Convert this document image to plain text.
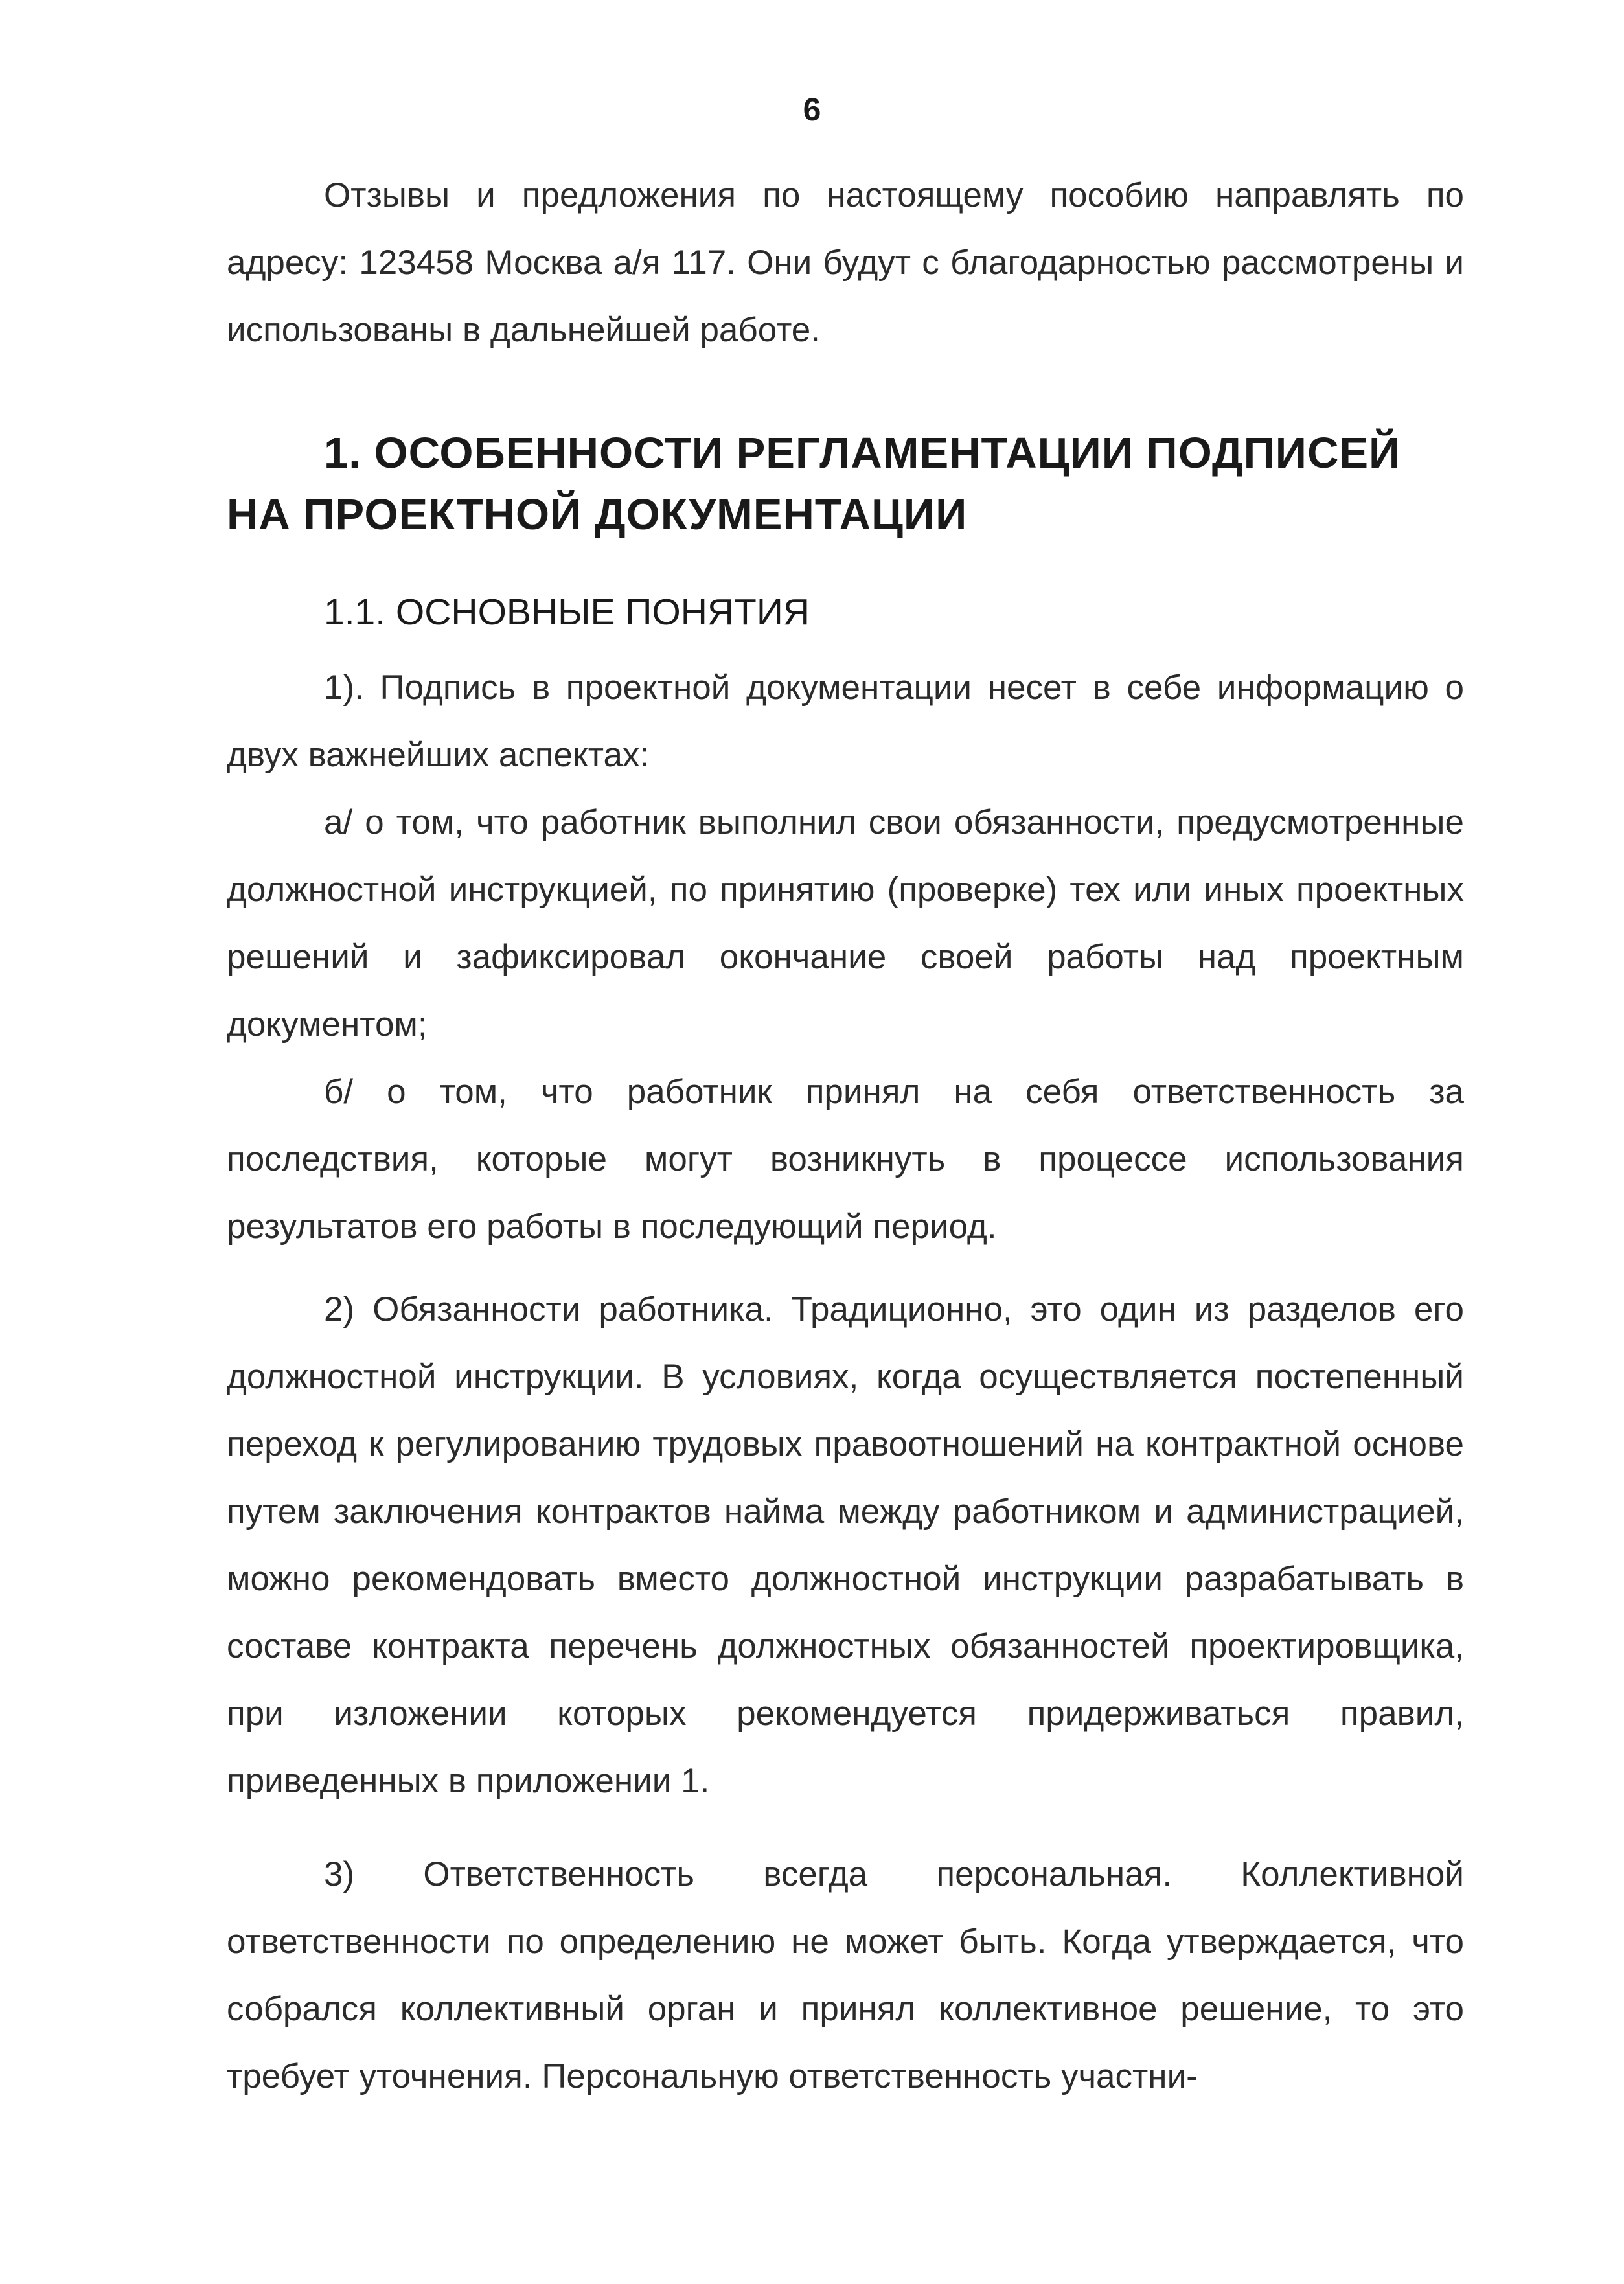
6

Отзывы и предложения по настоящему пособию направлять по адресу: 123458 Москва а/я 117. Они будут с благодарностью рассмотрены и использованы в дальнейшей работе.

1. ОСОБЕННОСТИ РЕГЛАМЕНТАЦИИ ПОДПИСЕЙ НА ПРОЕКТНОЙ ДОКУМЕНТАЦИИ
1.1. ОСНОВНЫЕ ПОНЯТИЯ

1). Подпись в проектной документации несет в себе информацию о двух важнейших аспектах:

а/ о том, что работник выполнил свои обязанности, предусмотренные должностной инструкцией, по принятию (проверке) тех или иных проектных решений и зафиксировал окончание своей работы над проектным документом;

б/ о том, что работник принял на себя ответственность за последствия, которые могут возникнуть в процессе использования результатов его работы в последующий период.

2) Обязанности работника. Традиционно, это один из разделов его должностной инструкции. В условиях, когда осуществляется постепенный переход к регулированию трудовых правоотношений на контрактной основе путем заключения контрактов найма между работником и администрацией, можно рекомендовать вместо должностной инструкции разрабатывать в составе контракта перечень должностных обязанностей проектировщика, при изложении которых рекомендуется придерживаться правил, приведенных в приложении 1.

3) Ответственность всегда персональная. Коллективной ответственности по определению не может быть. Когда утверждается, что собрался коллективный орган и принял коллективное решение, то это требует уточнения. Персональную ответственность участни-
